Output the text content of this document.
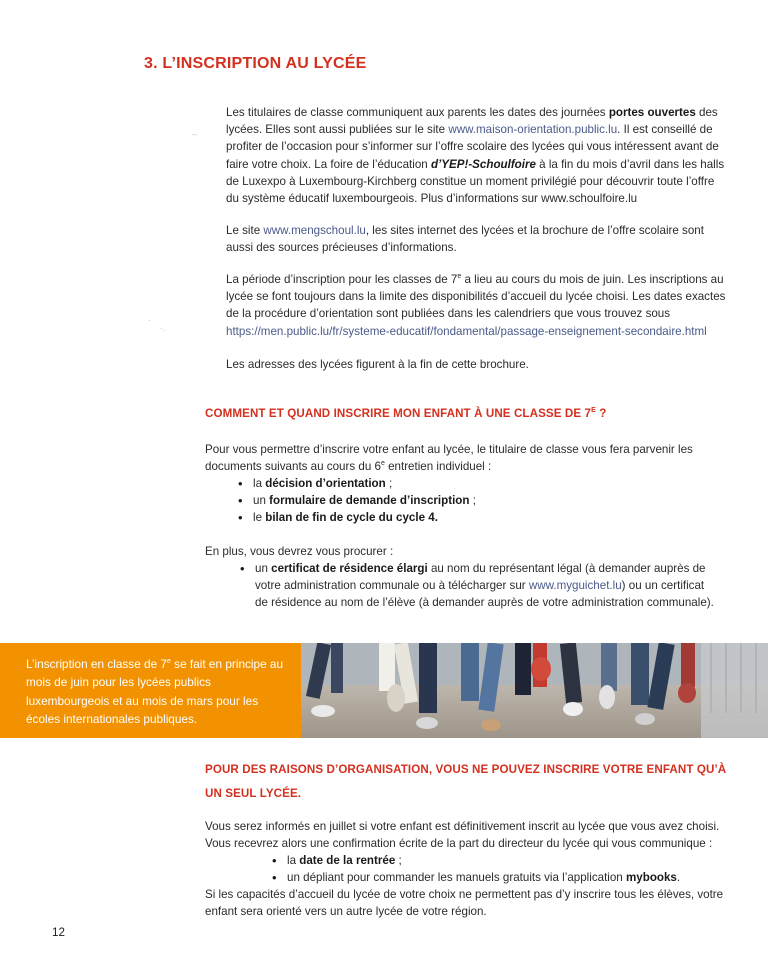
3. L’INSCRIPTION AU LYCÉE
–
·
·.

Les titulaires de classe communiquent aux parents les dates des journées portes ouvertes des lycées. Elles sont aussi publiées sur le site www.maison-orientation.public.lu. Il est conseillé de profiter de l’occasion pour s’informer sur l’offre scolaire des lycées qui vous intéressent avant de faire votre choix. La foire de l’éducation d’YEP!-Schoulfoire à la fin du mois d’avril dans les halls de Luxexpo à Luxembourg-Kirchberg constitue un moment privilégié pour découvrir toute l’offre du système éducatif luxembourgeois. Plus d’informations sur www.schoulfoire.lu

Le site www.mengschoul.lu, les sites internet des lycées et la brochure de l’offre scolaire sont aussi des sources précieuses d’informations.

La période d’inscription pour les classes de 7e a lieu au cours du mois de juin. Les inscriptions au lycée se font toujours dans la limite des disponibilités d’accueil du lycée choisi. Les dates exactes de la procédure d’orientation sont publiées dans les calendriers que vous trouvez sous https://men.public.lu/fr/systeme-educatif/fondamental/passage-enseignement-secondaire.html

Les adresses des lycées figurent à la fin de cette brochure.

COMMENT ET QUAND INSCRIRE MON ENFANT À UNE CLASSE DE $7^E$ ?

Pour vous permettre d’inscrire votre enfant au lycée, le titulaire de classe vous fera parvenir les documents suivants au cours du 6e entretien individuel :

• la décision d’orientation ;
• un formulaire de demande d’inscription ;
• le bilan de fin de cycle du cycle 4.

En plus, vous devrez vous procurer :

• un certificat de résidence élargi au nom du représentant légal (à demander auprès de votre administration communale ou à télécharger sur www.myguichet.lu) ou un certificat de résidence au nom de l’élève (à demander auprès de votre administration communale).

L’inscription en classe de 7e se fait en principe au mois de juin pour les lycées publics luxembourgeois et au mois de mars pour les écoles internationales publiques.

POUR DES RAISONS D’ORGANISATION, VOUS NE POUVEZ INSCRIRE VOTRE ENFANT QU’À
UN SEUL LYCÉE.

Vous serez informés en juillet si votre enfant est définitivement inscrit au lycée que vous avez choisi. Vous recevrez alors une confirmation écrite de la part du directeur du lycée qui vous communique :

• la date de la rentrée ;
• un dépliant pour commander les manuels gratuits via l’application mybooks.

Si les capacités d’accueil du lycée de votre choix ne permettent pas d’y inscrire tous les élèves, votre enfant sera orienté vers un autre lycée de votre région.

12
